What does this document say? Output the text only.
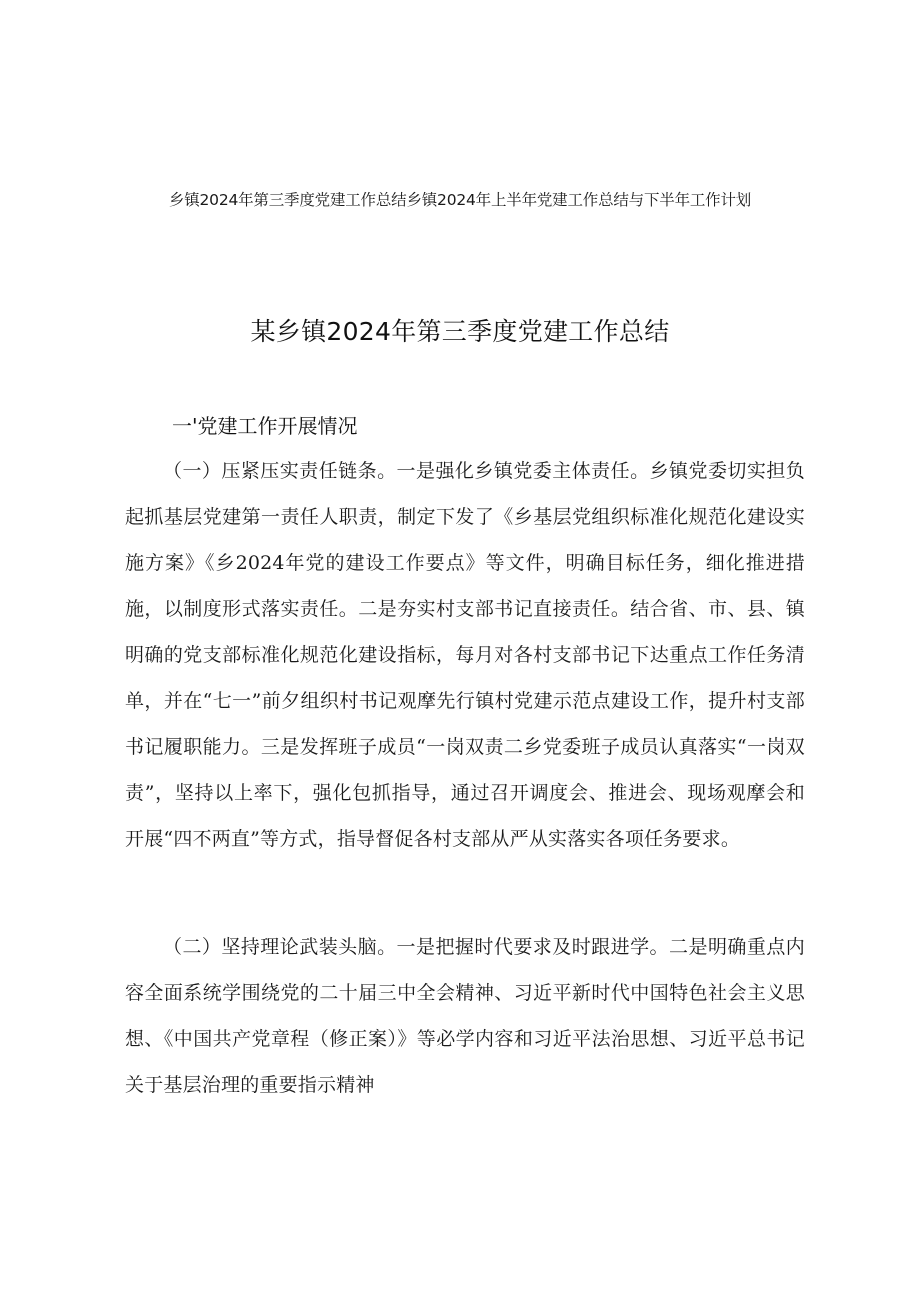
乡镇2024年第三季度党建工作总结乡镇2024年上半年党建工作总结与下半年工作计划
某乡镇2024年第三季度党建工作总结
一'党建工作开展情况

（一）压紧压实责任链条。一是强化乡镇党委主体责任。乡镇党委切实担负起抓基层党建第一责任人职责，制定下发了《乡基层党组织标准化规范化建设实施方案》《乡2024年党的建设工作要点》等文件，明确目标任务，细化推进措施，以制度形式落实责任。二是夯实村支部书记直接责任。结合省、市、县、镇明确的党支部标准化规范化建设指标，每月对各村支部书记下达重点工作任务清单，并在“七一”前夕组织村书记观摩先行镇村党建示范点建设工作，提升村支部书记履职能力。三是发挥班子成员“一岗双责二乡党委班子成员认真落实“一岗双责”，坚持以上率下，强化包抓指导，通过召开调度会、推进会、现场观摩会和开展“四不两直”等方式，指导督促各村支部从严从实落实各项任务要求。

（二）坚持理论武装头脑。一是把握时代要求及时跟进学。二是明确重点内容全面系统学围绕党的二十届三中全会精神、习近平新时代中国特色社会主义思想、《中国共产党章程（修正案）》等必学内容和习近平法治思想、习近平总书记关于基层治理的重要指示精神
